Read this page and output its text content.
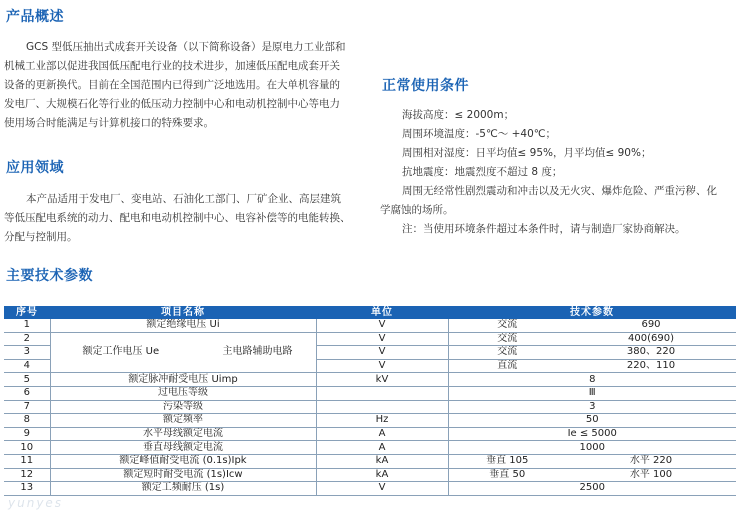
产品概述
GCS 型低压抽出式成套开关设备（以下简称设备）是原电力工业部和
机械工业部以促进我国低压配电行业的技术进步，加速低压配电成套开关
设备的更新换代。目前在全国范围内已得到广泛地选用。在大单机容量的
发电厂、大规模石化等行业的低压动力控制中心和电动机控制中心等电力
使用场合时能满足与计算机接口的特殊要求。
应用领域
本产品适用于发电厂、变电站、石油化工部门、厂矿企业、高层建筑
等低压配电系统的动力、配电和电动机控制中心、电容补偿等的电能转换、
分配与控制用。
正常使用条件
海拔高度：≤ 2000m；
周围环境温度：-5℃～ +40℃；
周围相对湿度：日平均值≤ 95%，月平均值≤ 90%；
抗地震度：地震烈度不超过 8 度；
周围无经常性剧烈震动和冲击以及无火灾、爆炸危险、严重污秽、化
学腐蚀的场所。
注：当使用环境条件超过本条件时，请与制造厂家协商解决。
主要技术参数
序号	项目名称	单位	技术参数	
1	额定绝缘电压 Ui	V	交流	690
2	额定工作电压 Ue 主电路辅助电路	V	交流	400(690)
3		V	交流	380、220
4		V	直流	220、110
5	额定脉冲耐受电压 Uimp	kV	8	
6	过电压等级		Ⅲ	
7	污染等级		3	
8	额定频率	Hz	50	
9	水平母线额定电流	A	Ie ≤ 5000	
10	垂直母线额定电流	A	1000	
11	额定峰值耐受电流 (0.1s)Ipk	kA	垂直 105	水平 220
12	额定短时耐受电流 (1s)Icw	kA	垂直 50	水平 100
13	额定工频耐压 (1s)	V	2500	
yunyes
